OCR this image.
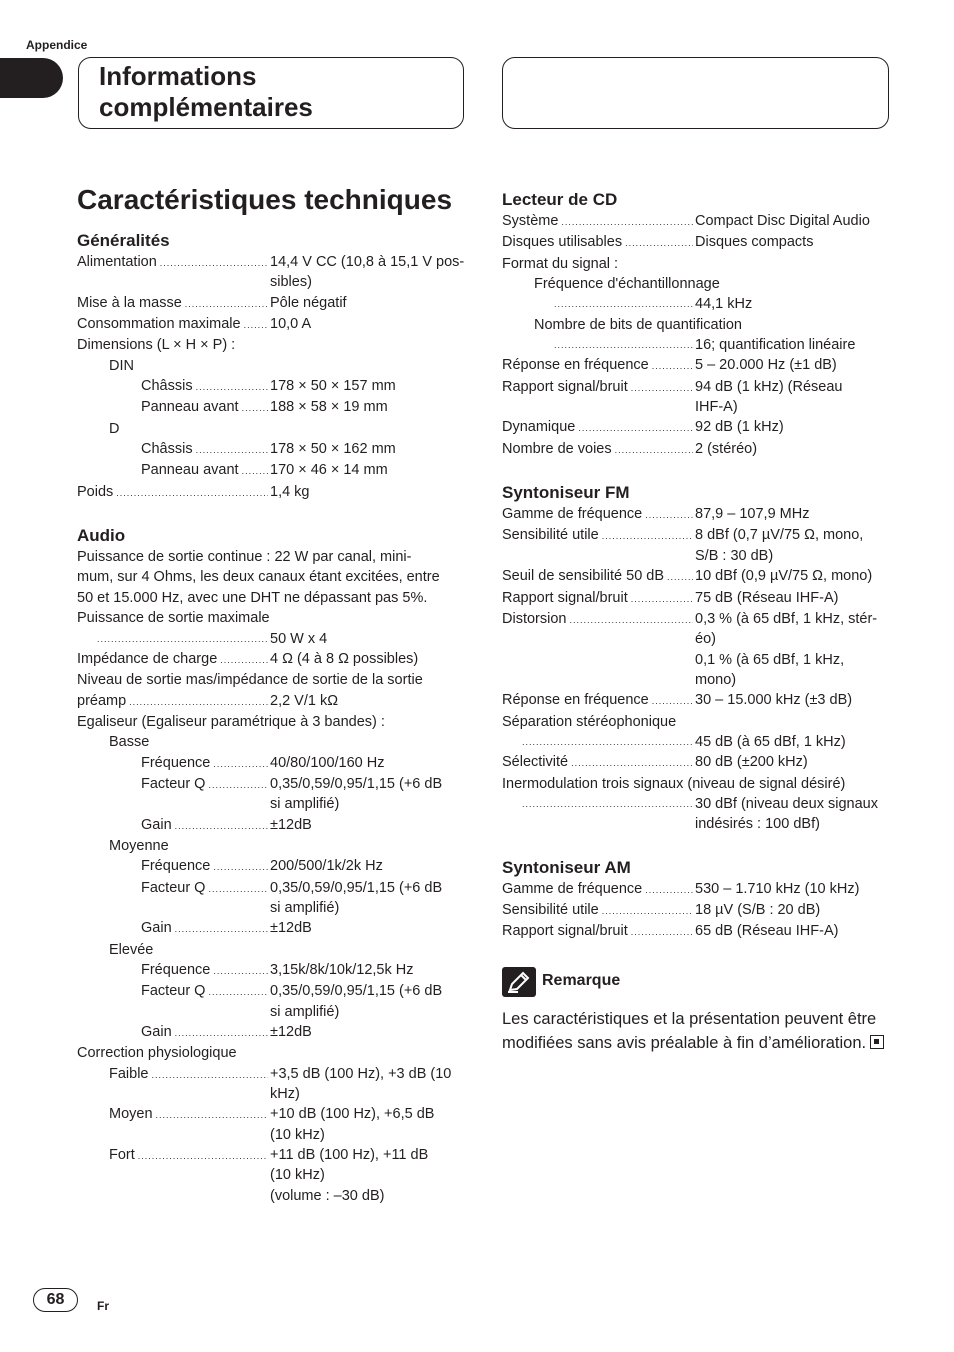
Appendice
Informations
complémentaires
Caractéristiques techniques
Généralités
Alimentation .....	14,4 V CC (10,8 à 15,1 V pos-
sibles)
Mise à la masse .....	Pôle négatif
Consommation maximale ..... 10,0 A
Dimensions (L × H × P) :
DIN
Châssis .....	178 × 50 × 157 mm
Panneau avant ..... 188 × 58 × 19 mm
D
Châssis .....	178 × 50 × 162 mm
Panneau avant ..... 170 × 46 × 14 mm
Poids .....	1,4 kg
Audio
Puissance de sortie continue : 22 W par canal, mini-
mum, sur 4 Ohms, les deux canaux étant excitées, entre
50 et 15.000 Hz, avec une DHT ne dépassant pas 5%.
Puissance de sortie maximale
.....
50 W x 4
Impédance de charge .....	4 Ω (4 à 8 Ω possibles)
Niveau de sortie mas/impédance de sortie de la sortie
préamp .....	2,2 V/1 kΩ
Egaliseur (Egaliseur paramétrique à 3 bandes) :
Basse
Fréquence .....	40/80/100/160 Hz
Facteur Q .....	0,35/0,59/0,95/1,15 (+6 dB
si amplifié)
Gain .....	±12dB
Moyenne
Fréquence .....	200/500/1k/2k Hz
Facteur Q .....	0,35/0,59/0,95/1,15 (+6 dB
si amplifié)
Gain .....	±12dB
Elevée
Fréquence .....	3,15k/8k/10k/12,5k Hz
Facteur Q .....	0,35/0,59/0,95/1,15 (+6 dB
si amplifié)
Gain .....	±12dB
Correction physiologique
Faible .....	+3,5 dB (100 Hz), +3 dB (10
kHz)
Moyen .....	+10 dB (100 Hz), +6,5 dB
(10 kHz)
Fort .....	+11 dB (100 Hz), +11 dB
(10 kHz)
(volume : –30 dB)
Lecteur de CD
Système .....	Compact Disc Digital Audio
Disques utilisables .....	Disques compacts
Format du signal :
Fréquence d'échantillonnage
.....
44,1 kHz
Nombre de bits de quantification
.....
16; quantification linéaire
Réponse en fréquence .....	5 – 20.000 Hz (±1 dB)
Rapport signal/bruit .....	94 dB (1 kHz) (Réseau
IHF-A)
Dynamique .....	92 dB (1 kHz)
Nombre de voies .....	2 (stéréo)
Syntoniseur FM
Gamme de fréquence .....	87,9 – 107,9 MHz
Sensibilité utile .....	8 dBf (0,7 µV/75 Ω, mono,
S/B : 30 dB)
Seuil de sensibilité 50 dB ..... 10 dBf (0,9 µV/75 Ω, mono)
Rapport signal/bruit .....	75 dB (Réseau IHF-A)
Distorsion .....	0,3 % (à 65 dBf, 1 kHz, stér-
éo)
0,1 % (à 65 dBf, 1 kHz,
mono)
Réponse en fréquence .....	30 – 15.000 kHz (±3 dB)
Séparation stéréophonique
.....
45 dB (à 65 dBf, 1 kHz)
Sélectivité .....	80 dB (±200 kHz)
Inermodulation trois signaux (niveau de signal désiré)
.....
30 dBf (niveau deux signaux
indésirés : 100 dBf)
Syntoniseur AM
Gamme de fréquence .....	530 – 1.710 kHz (10 kHz)
Sensibilité utile .....	18 µV (S/B : 20 dB)
Rapport signal/bruit .....	65 dB (Réseau IHF-A)
Remarque
Les caractéristiques et la présentation peuvent être modifiées sans avis préalable à fin d’amélioration.
68	Fr
